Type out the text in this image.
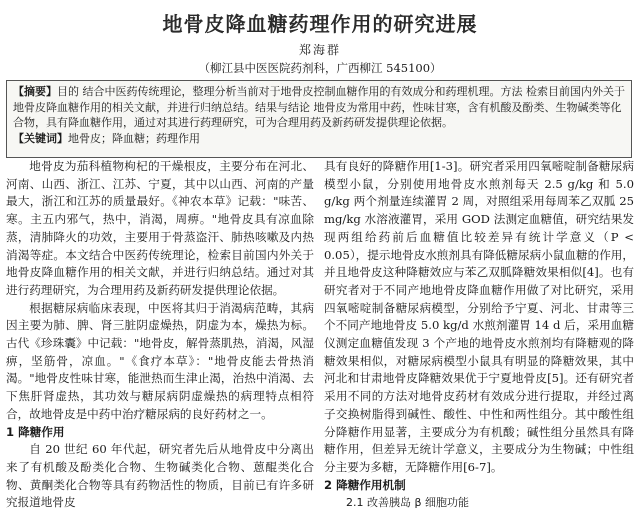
地骨皮降血糖药理作用的研究进展
郑海群
（柳江县中医医院药剂科，广西柳江 545100）
【摘要】目的 结合中医药传统理论，整理分析当前对于地骨皮控制血糖作用的有效成分和药理机理。方法 检索目前国内外关于地骨皮降血糖作用的相关文献，并进行归纳总结。结果与结论 地骨皮为常用中药，性味甘寒，含有机酸及酚类、生物碱类等化合物，具有降血糖作用，通过对其进行药理研究，可为合理用药及新药研发提供理论依据。
【关键词】地骨皮；降血糖；药理作用

地骨皮为茄科植物枸杞的干燥根皮，主要分布在河北、河南、山西、浙江、江苏、宁夏，其中以山西、河南的产量最大，浙江和江苏的质量最好。《神农本草》记载："味苦、寒。主五内邪气，热中，消渴，周痹。"地骨皮具有凉血除蒸，清肺降火的功效，主要用于骨蒸盗汗、肺热咳嗽及内热消渴等症。本文结合中医药传统理论，检索目前国内外关于地骨皮降血糖作用的相关文献，并进行归纳总结。通过对其进行药理研究，为合理用药及新药研发提供理论依据。

根据糖尿病临床表现，中医将其归于消渴病范畴，其病因主要为肺、脾、肾三脏阴虚燥热，阴虚为本，燥热为标。古代《珍珠囊》中记载："地骨皮，解骨蒸肌热，消渴，风湿痹，坚筋骨，凉血。"《食疗本草》："地骨皮能去骨热消渴。"地骨皮性味甘寒，能泄热而生津止渴，治热中消渴、去下焦肝肾虚热，其功效与糖尿病阴虚燥热的病理特点相符合，故地骨皮是中药中治疗糖尿病的良好药材之一。

1 降糖作用

自 20 世纪 60 年代起，研究者先后从地骨皮中分离出来了有机酸及酚类化合物、生物碱类化合物、蒽醌类化合物、黄酮类化合物等具有药物活性的物质，目前已有许多研究报道地骨皮

具有良好的降糖作用[1-3]。研究者采用四氧嘧啶制备糖尿病模型小鼠，分别使用地骨皮水煎剂每天 2.5 g/kg 和 5.0 g/kg 两个剂量连续灌胃 2 周，对照组采用每周苯乙双胍 25 mg/kg 水溶液灌胃，采用 GOD 法测定血糖值，研究结果发现两组给药前后血糖值比较差异有统计学意义（P < 0.05），提示地骨皮水煎剂具有降低糖尿病小鼠血糖的作用，并且地骨皮这种降糖效应与苯乙双胍降糖效果相似[4]。也有研究者对于不同产地地骨皮降血糖作用做了对比研究，采用四氧嘧啶制备糖尿病模型，分别给予宁夏、河北、甘肃等三个不同产地地骨皮 5.0 kg/d 水煎剂灌胃 14 d 后，采用血糖仪测定血糖值发现 3 个产地的地骨皮水煎剂均有降糖观的降糖效果相似，对糖尿病模型小鼠具有明显的降糖效果，其中河北和甘肃地骨皮降糖效果优于宁夏地骨皮[5]。还有研究者采用不同的方法对地骨皮药材有效成分进行提取，并经过离子交换树脂得到碱性、酸性、中性和两性组分。其中酸性组分降糖作用显著，主要成分为有机酸；碱性组分虽然具有降糖作用，但差异无统计学意义，主要成分为生物碱；中性组分主要为多糖，无降糖作用[6-7]。

2 降糖作用机制
2.1 改善胰岛 β 细胞功能
